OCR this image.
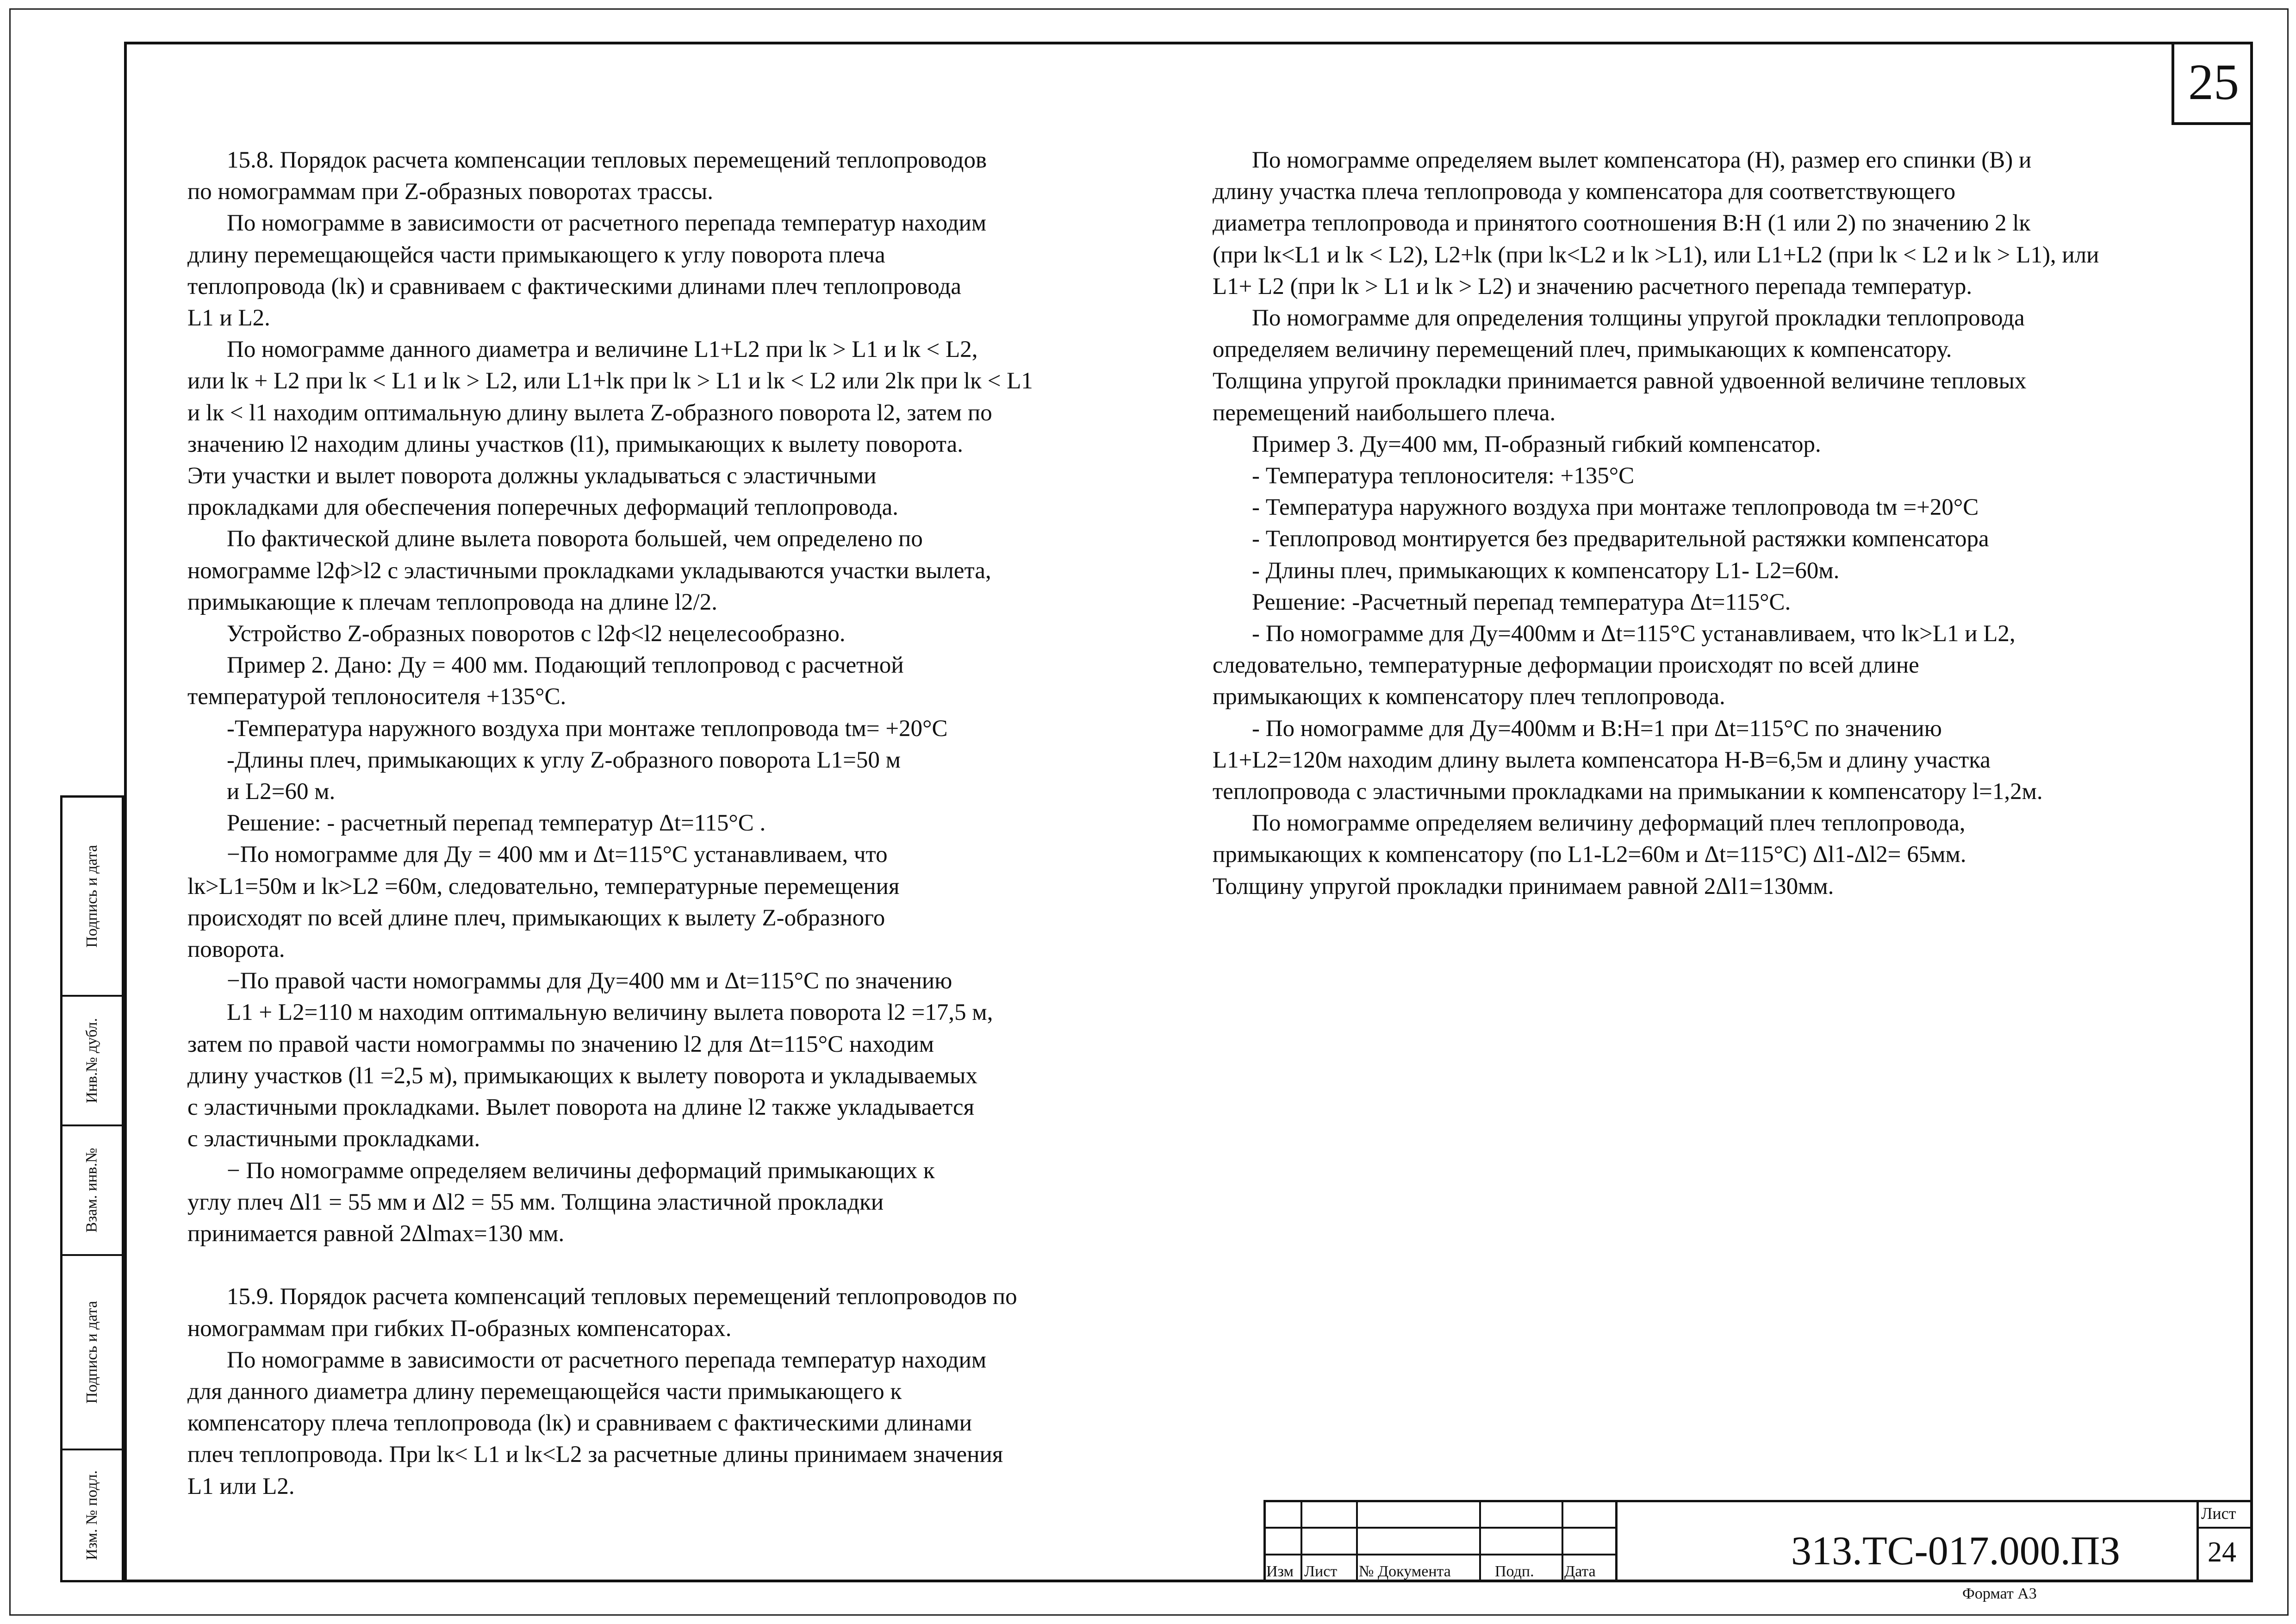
25
Подпись и дата
Инв.№ дубл.
Взам. инв.№
Подпись и дата
Изм. № подл.

15.8. Порядок расчета компенсации тепловых перемещений теплопроводов

по номограммам при Z-образных поворотах трассы.

По номограмме в зависимости от расчетного перепада температур находим

длину перемещающейся части примыкающего к углу поворота плеча

теплопровода (lк) и сравниваем с фактическими длинами плеч теплопровода

L1 и L2.

По номограмме данного диаметра и величине L1+L2 при lк > L1 и lк < L2,

или lк + L2 при lк < L1 и lк > L2, или L1+lк при lк > L1 и lк < L2 или 2lк при lк < L1

и lк < l1 находим оптимальную длину вылета Z-образного поворота l2, затем по

значению l2 находим длины участков (l1), примыкающих к вылету поворота.

Эти участки и вылет поворота должны укладываться с эластичными

прокладками для обеспечения поперечных деформаций теплопровода.

По фактической длине вылета поворота большей, чем определено по

номограмме l2ф>l2 с эластичными прокладками укладываются участки вылета,

примыкающие к плечам теплопровода на длине l2/2.

Устройство Z-образных поворотов с l2ф<l2 нецелесообразно.

Пример 2. Дано: Ду = 400 мм. Подающий теплопровод с расчетной

температурой теплоносителя +135°С.

-Температура наружного воздуха при монтаже теплопровода tм= +20°С

-Длины плеч, примыкающих к углу Z-образного поворота L1=50 м

и L2=60 м.

Решение: - расчетный перепад температур Δt=115°С .

−По номограмме для Ду = 400 мм и Δt=115°С устанавливаем, что

lк>L1=50м и lк>L2 =60м, следовательно, температурные перемещения

происходят по всей длине плеч, примыкающих к вылету Z-образного

поворота.

−По правой части номограммы для Ду=400 мм и Δt=115°С по значению

L1 + L2=110 м находим оптимальную величину вылета поворота l2 =17,5 м,

затем по правой части номограммы по значению l2 для Δt=115°С находим

длину участков (l1 =2,5 м), примыкающих к вылету поворота и укладываемых

с эластичными прокладками. Вылет поворота на длине l2 также укладывается

с эластичными прокладками.

− По номограмме определяем величины деформаций примыкающих к

углу плеч Δl1 = 55 мм и Δl2 = 55 мм. Толщина эластичной прокладки

принимается равной 2Δlmax=130 мм.

15.9. Порядок расчета компенсаций тепловых перемещений теплопроводов по

номограммам при гибких П-образных компенсаторах.

По номограмме в зависимости от расчетного перепада температур находим

для данного диаметра длину перемещающейся части примыкающего к

компенсатору плеча теплопровода (lк) и сравниваем с фактическими длинами

плеч теплопровода. При lк< L1 и lк<L2 за расчетные длины принимаем значения

L1 или L2.

По номограмме определяем вылет компенсатора (Н), размер его спинки (В) и

длину участка плеча теплопровода у компенсатора для соответствующего

диаметра теплопровода и принятого соотношения В:Н (1 или 2) по значению 2 lк

(при lк<L1 и lк < L2), L2+lк (при lк<L2 и lк >L1), или L1+L2 (при lк < L2 и lк > L1), или

L1+ L2 (при lк > L1 и lк > L2) и значению расчетного перепада температур.

По номограмме для определения толщины упругой прокладки теплопровода

определяем величину перемещений плеч, примыкающих к компенсатору.

Толщина упругой прокладки принимается равной удвоенной величине тепловых

перемещений наибольшего плеча.

Пример 3. Ду=400 мм, П-образный гибкий компенсатор.

- Температура теплоносителя: +135°С

- Температура наружного воздуха при монтаже теплопровода tм =+20°С

- Теплопровод монтируется без предварительной растяжки компенсатора

- Длины плеч, примыкающих к компенсатору L1- L2=60м.

Решение: -Расчетный перепад температура Δt=115°С.

- По номограмме для Ду=400мм и Δt=115°С устанавливаем, что lк>L1 и L2,

следовательно, температурные деформации происходят по всей длине

примыкающих к компенсатору плеч теплопровода.

- По номограмме для Ду=400мм и В:Н=1 при Δt=115°С по значению

L1+L2=120м находим длину вылета компенсатора Н-В=6,5м и длину участка

теплопровода с эластичными прокладками на примыкании к компенсатору l=1,2м.

По номограмме определяем величину деформаций плеч теплопровода,

примыкающих к компенсатору (по L1-L2=60м и Δt=115°С) Δl1-Δl2= 65мм.

Толщину упругой прокладки принимаем равной 2Δl1=130мм.

Изм Лист № Документа	Подп. Дата	313.ТС-017.000.ПЗ
Лист
24
Формат А3
